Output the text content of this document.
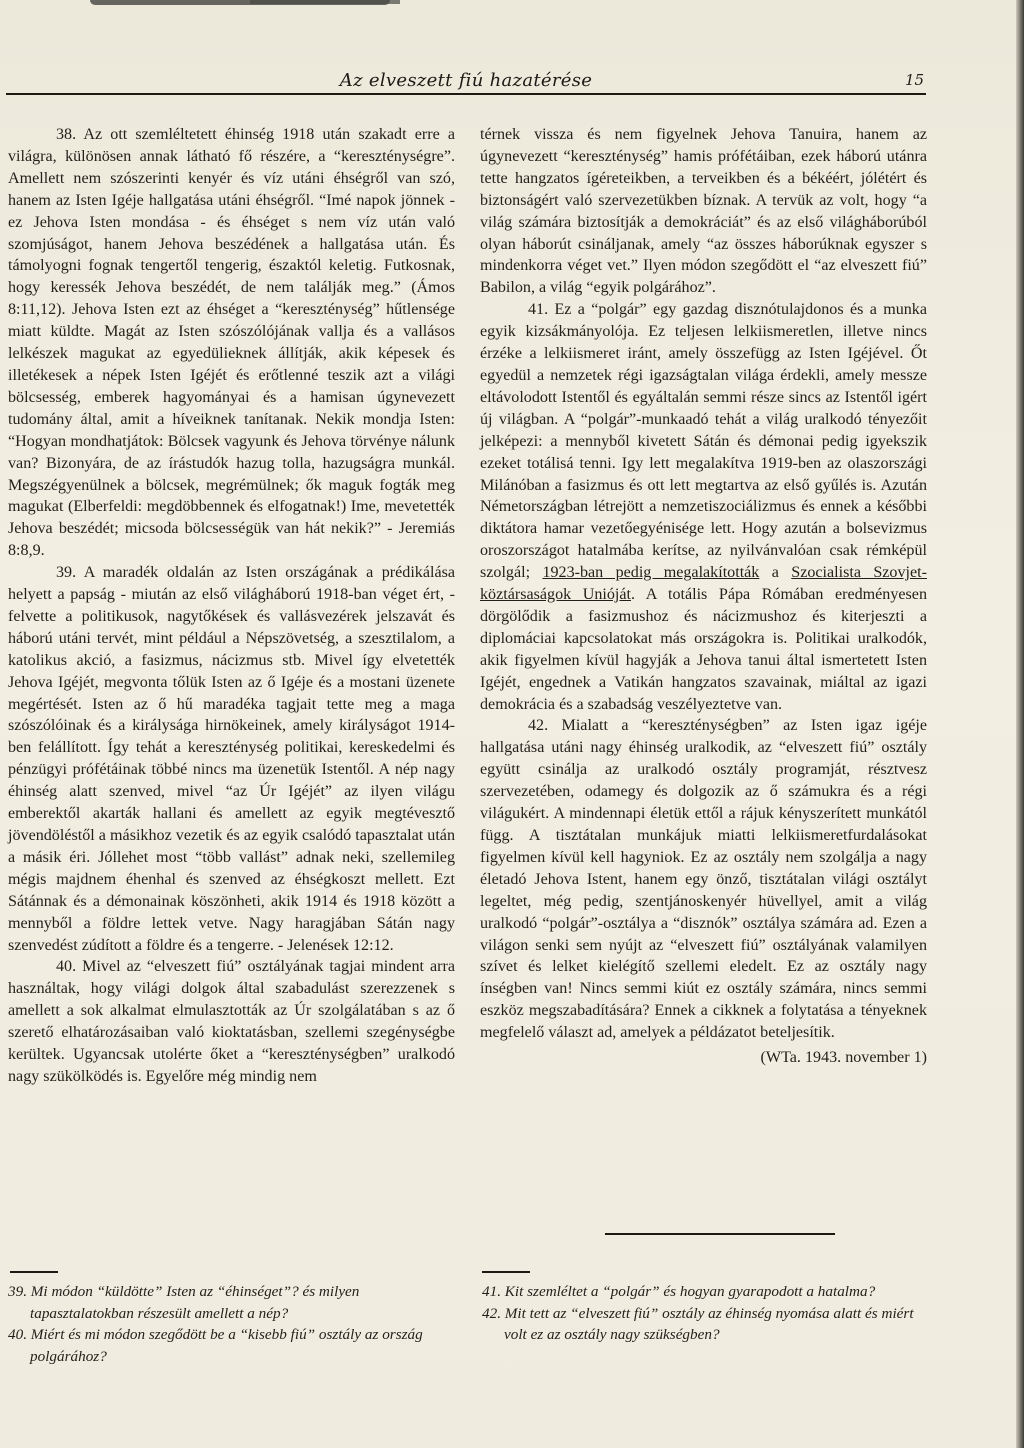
Az elveszett fiú hazatérése	15

38. Az ott szemléltetett éhinség 1918 után szakadt erre a világra, különösen annak látható fő részére, a “kereszténységre”. Amellett nem szószerinti kenyér és víz utáni éhségről van szó, hanem az Isten Igéje hallgatása utáni éhségről. “Imé napok jönnek - ez Jehova Isten mondása - és éhséget s nem víz után való szomjúságot, hanem Jehova beszédének a hallgatása után. És támolyogni fognak tengertől tengerig, északtól keletig. Futkosnak, hogy keressék Jehova beszédét, de nem találják meg.” (Ámos 8:11,12). Jehova Isten ezt az éhséget a “kereszténység” hűtlensége miatt küldte. Magát az Isten szószólójának vallja és a vallásos lelkészek magukat az egyedülieknek állítják, akik képesek és illetékesek a népek Isten Igéjét és erőtlenné teszik azt a világi bölcsesség, emberek hagyományai és a hamisan úgynevezett tudomány által, amit a híveiknek tanítanak. Nekik mondja Isten: “Hogyan mondhatjátok: Bölcsek vagyunk és Jehova törvénye nálunk van? Bizonyára, de az írástudók hazug tolla, hazugságra munkál. Megszégyenülnek a bölcsek, megrémülnek; ők maguk fogták meg magukat (Elberfeldi: megdöbbennek és elfogatnak!) Ime, mevetették Jehova beszédét; micsoda bölcsességük van hát nekik?” - Jeremiás 8:8,9.

39. A maradék oldalán az Isten országának a prédikálása helyett a papság - miután az első világháború 1918-ban véget ért, - felvette a politikusok, nagytőkések és vallásvezérek jelszavát és háború utáni tervét, mint például a Népszövetség, a szesztilalom, a katolikus akció, a fasizmus, nácizmus stb. Mivel így elvetették Jehova Igéjét, megvonta tőlük Isten az ő Igéje és a mostani üzenete megértését. Isten az ő hű maradéka tagjait tette meg a maga szószólóinak és a királysága hirnökeinek, amely királyságot 1914-ben felállított. Így tehát a kereszténység politikai, kereskedelmi és pénzügyi prófétáinak többé nincs ma üzenetük Istentől. A nép nagy éhinség alatt szenved, mivel “az Úr Igéjét” az ilyen világu emberektől akarták hallani és amellett az egyik megtévesztő jövendöléstől a másikhoz vezetik és az egyik csalódó tapasztalat után a másik éri. Jóllehet most “több vallást” adnak neki, szellemileg mégis majdnem éhenhal és szenved az éhségkoszt mellett. Ezt Sátánnak és a démonainak köszönheti, akik 1914 és 1918 között a mennyből a földre lettek vetve. Nagy haragjában Sátán nagy szenvedést zúdított a földre és a tengerre. - Jelenések 12:12.

40. Mivel az “elveszett fiú” osztályának tagjai mindent arra használtak, hogy világi dolgok által szabadulást szerezzenek s amellett a sok alkalmat elmulasztották az Úr szolgálatában s az ő szerető elhatározásaiban való kioktatásban, szellemi szegénységbe kerültek. Ugyancsak utolérte őket a “kereszténységben” uralkodó nagy szükölködés is. Egyelőre még mindig nem

térnek vissza és nem figyelnek Jehova Tanuira, hanem az úgynevezett “kereszténység” hamis prófétáiban, ezek háború utánra tette hangzatos ígéreteikben, a terveikben és a békéért, jólétért és biztonságért való szervezetükben bíznak. A tervük az volt, hogy “a világ számára biztosítják a demokráciát” és az első világháborúból olyan háborút csináljanak, amely “az összes háborúknak egyszer s mindenkorra véget vet.” Ilyen módon szegődött el “az elveszett fiú” Babilon, a világ “egyik polgárához”.

41. Ez a “polgár” egy gazdag disznótulajdonos és a munka egyik kizsákmányolója. Ez teljesen lelkiismeretlen, illetve nincs érzéke a lelkiismeret iránt, amely összefügg az Isten Igéjével. Őt egyedül a nemzetek régi igazságtalan világa érdekli, amely messze eltávolodott Istentől és egyáltalán semmi része sincs az Istentől igért új világban. A “polgár”-munkaadó tehát a világ uralkodó tényezőit jelképezi: a mennyből kivetett Sátán és démonai pedig igyekszik ezeket totálisá tenni. Igy lett megalakítva 1919-ben az olaszországi Milánóban a fasizmus és ott lett megtartva az első gyűlés is. Azután Németországban létrejött a nemzetiszociálizmus és ennek a későbbi diktátora hamar vezetőegyénisége lett. Hogy azután a bolsevizmus oroszországot hatalmába kerítse, az nyilvánvalóan csak rémképül szolgál; 1923-ban pedig megalakították a Szocialista Szovjet-köztársaságok Unióját. A totális Pápa Rómában eredményesen dörgölődik a fasizmushoz és nácizmushoz és kiterjeszti a diplomáciai kapcsolatokat más országokra is. Politikai uralkodók, akik figyelmen kívül hagyják a Jehova tanui által ismertetett Isten Igéjét, engednek a Vatikán hangzatos szavainak, miáltal az igazi demokrácia és a szabadság veszélyeztetve van.

42. Mialatt a “kereszténységben” az Isten igaz igéje hallgatása utáni nagy éhinség uralkodik, az “elveszett fiú” osztály együtt csinálja az uralkodó osztály programját, résztvesz szervezetében, odamegy és dolgozik az ő számukra és a régi világukért. A mindennapi életük ettől a rájuk kényszerített munkától függ. A tisztátalan munkájuk miatti lelkiismeretfurdalásokat figyelmen kívül kell hagyniok. Ez az osztály nem szolgálja a nagy életadó Jehova Istent, hanem egy önző, tisztátalan világi osztályt legeltet, még pedig, szentjánoskenyér hüvellyel, amit a világ uralkodó “polgár”-osztálya a “disznók” osztálya számára ad. Ezen a világon senki sem nyújt az “elveszett fiú” osztályának valamilyen szívet és lelket kielégítő szellemi eledelt. Ez az osztály nagy ínségben van! Nincs semmi kiút ez osztály számára, nincs semmi eszköz megszabadítására? Ennek a cikknek a folytatása a tényeknek megfelelő választ ad, amelyek a példázatot beteljesítik.

(WTa. 1943. november 1)

39. Mi módon “küldötte” Isten az “éhinséget”? és milyen tapasztalatokban részesült amellett a nép?

40. Miért és mi módon szegődött be a “kisebb fiú” osztály az ország polgárához?

41. Kit szemléltet a “polgár” és hogyan gyarapodott a hatalma?

42. Mit tett az “elveszett fiú” osztály az éhinség nyomása alatt és miért volt ez az osztály nagy szükségben?
